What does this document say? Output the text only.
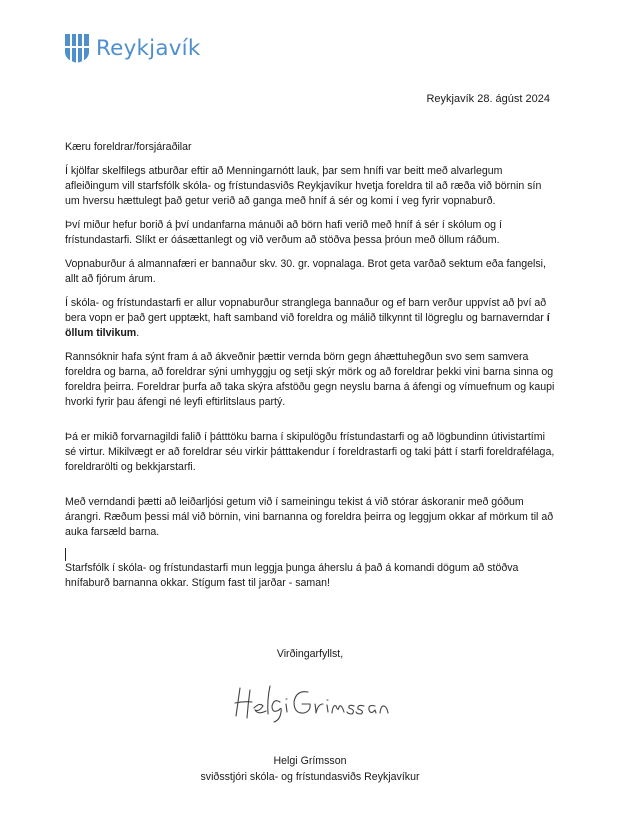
Reykjavík
Reykjavík 28. ágúst 2024

Kæru foreldrar/forsjáraðilar

Í kjölfar skelfilegs atburðar eftir að Menningarnótt lauk, þar sem hnífi var beitt með alvarlegum afleiðingum vill starfsfólk skóla- og frístundasviðs Reykjavíkur hvetja foreldra til að ræða við börnin sín um hversu hættulegt það getur verið að ganga með hníf á sér og komi í veg fyrir vopnaburð.

Því miður hefur borið á því undanfarna mánuði að börn hafi verið með hníf á sér í skólum og í frístundastarfi. Slíkt er óásættanlegt og við verðum að stöðva þessa þróun með öllum ráðum.

Vopnaburður á almannafæri er bannaður skv. 30. gr. vopnalaga. Brot geta varðað sektum eða fangelsi, allt að fjórum árum.

Í skóla- og frístundastarfi er allur vopnaburður stranglega bannaður og ef barn verður uppvíst að því að bera vopn er það gert upptækt, haft samband við foreldra og málið tilkynnt til lögreglu og barnaverndar í öllum tilvikum.

Rannsóknir hafa sýnt fram á að ákveðnir þættir vernda börn gegn áhættuhegðun svo sem samvera foreldra og barna, að foreldrar sýni umhyggju og setji skýr mörk og að foreldrar þekki vini barna sinna og foreldra þeirra. Foreldrar þurfa að taka skýra afstöðu gegn neyslu barna á áfengi og vímuefnum og kaupi hvorki fyrir þau áfengi né leyfi eftirlitslaus partý.

Þá er mikið forvarnagildi falið í þátttöku barna í skipulögðu frístundastarfi og að lögbundinn útivistartími sé virtur. Mikilvægt er að foreldrar séu virkir þátttakendur í foreldrastarfi og taki þátt í starfi foreldrafélaga, foreldrarölti og bekkjarstarfi.

Með verndandi þætti að leiðarljósi getum við í sameiningu tekist á við stórar áskoranir með góðum árangri. Ræðum þessi mál við börnin, vini barnanna og foreldra þeirra og leggjum okkar af mörkum til að auka farsæld barna.

Starfsfólk í skóla- og frístundastarfi mun leggja þunga áherslu á það á komandi dögum að stöðva hnífaburð barnanna okkar. Stígum fast til jarðar - saman!

Virðingarfyllst,
Helgi Grímsson
sviðsstjóri skóla- og frístundasviðs Reykjavíkur
